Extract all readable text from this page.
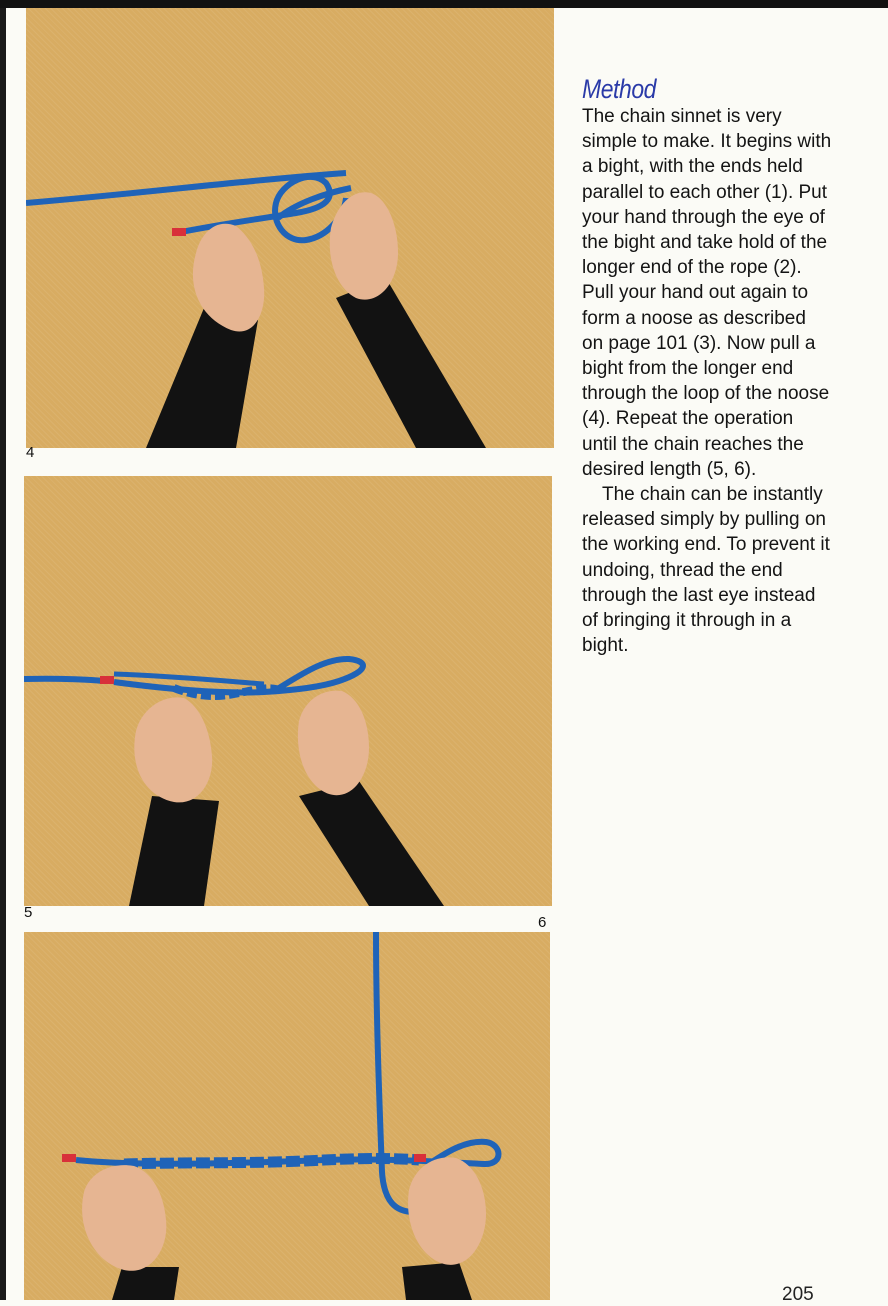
4
5
6
Method

The chain sinnet is very simple to make. It begins with a bight, with the ends held parallel to each other (1). Put your hand through the eye of the bight and take hold of the longer end of the rope (2). Pull your hand out again to form a noose as described on page 101 (3). Now pull a bight from the longer end through the loop of the noose (4). Repeat the operation until the chain reaches the desired length (5, 6).

The chain can be instantly released simply by pulling on the working end. To prevent it undoing, thread the end through the last eye instead of bringing it through in a bight.

205
